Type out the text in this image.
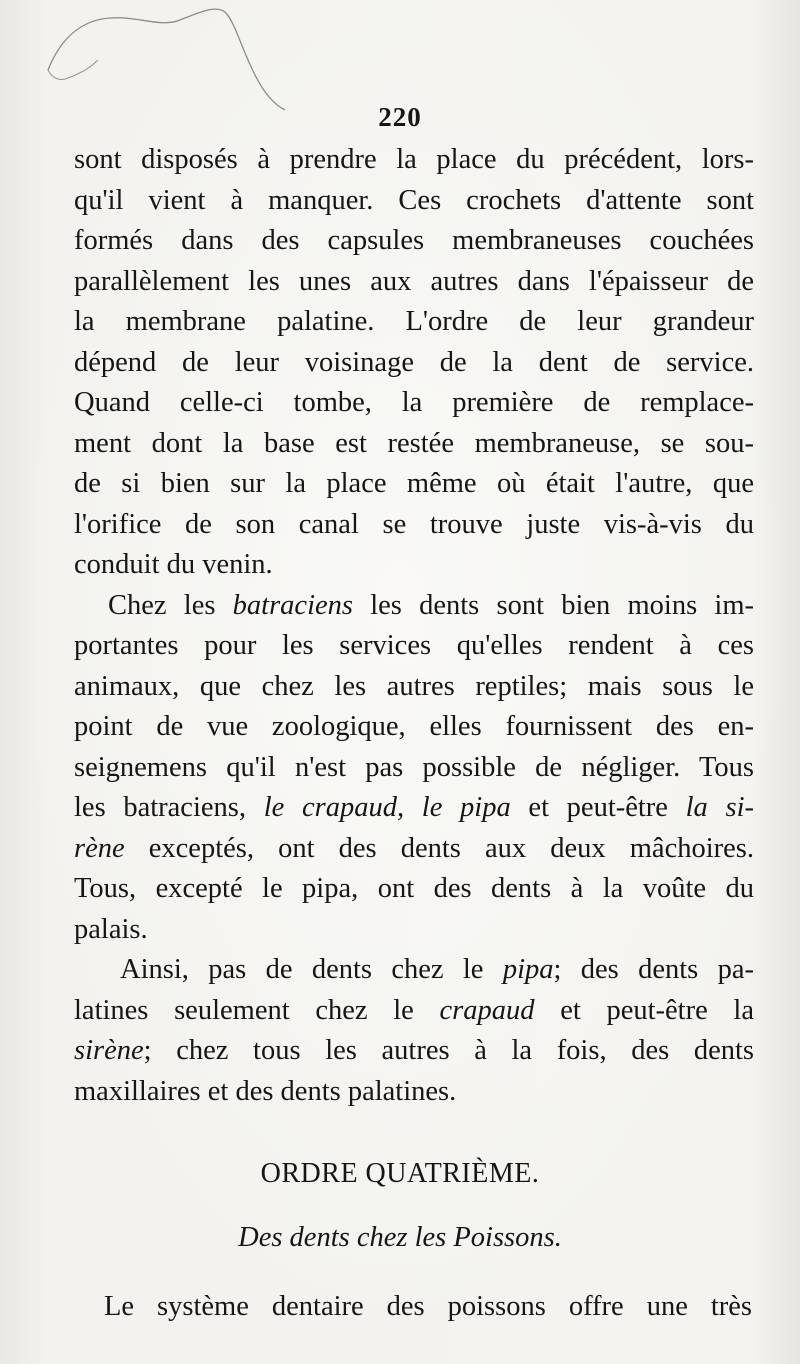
220
sont disposés à prendre la place du précédent, lors-
qu'il vient à manquer. Ces crochets d'attente sont
formés dans des capsules membraneuses couchées
parallèlement les unes aux autres dans l'épaisseur de
la membrane palatine. L'ordre de leur grandeur
dépend de leur voisinage de la dent de service.
Quand celle-ci tombe, la première de remplace-
ment dont la base est restée membraneuse, se sou-
de si bien sur la place même où était l'autre, que
l'orifice de son canal se trouve juste vis-à-vis du
conduit du venin.
Chez les batraciens les dents sont bien moins im-
portantes pour les services qu'elles rendent à ces
animaux, que chez les autres reptiles; mais sous le
point de vue zoologique, elles fournissent des en-
seignemens qu'il n'est pas possible de négliger. Tous
les batraciens, le crapaud, le pipa et peut-être la si-
rène exceptés, ont des dents aux deux mâchoires.
Tous, excepté le pipa, ont des dents à la voûte du
palais.
Ainsi, pas de dents chez le pipa; des dents pa-
latines seulement chez le crapaud et peut-être la
sirène; chez tous les autres à la fois, des dents
maxillaires et des dents palatines.
ORDRE QUATRIÈME.
Des dents chez les Poissons.
Le système dentaire des poissons offre une très
